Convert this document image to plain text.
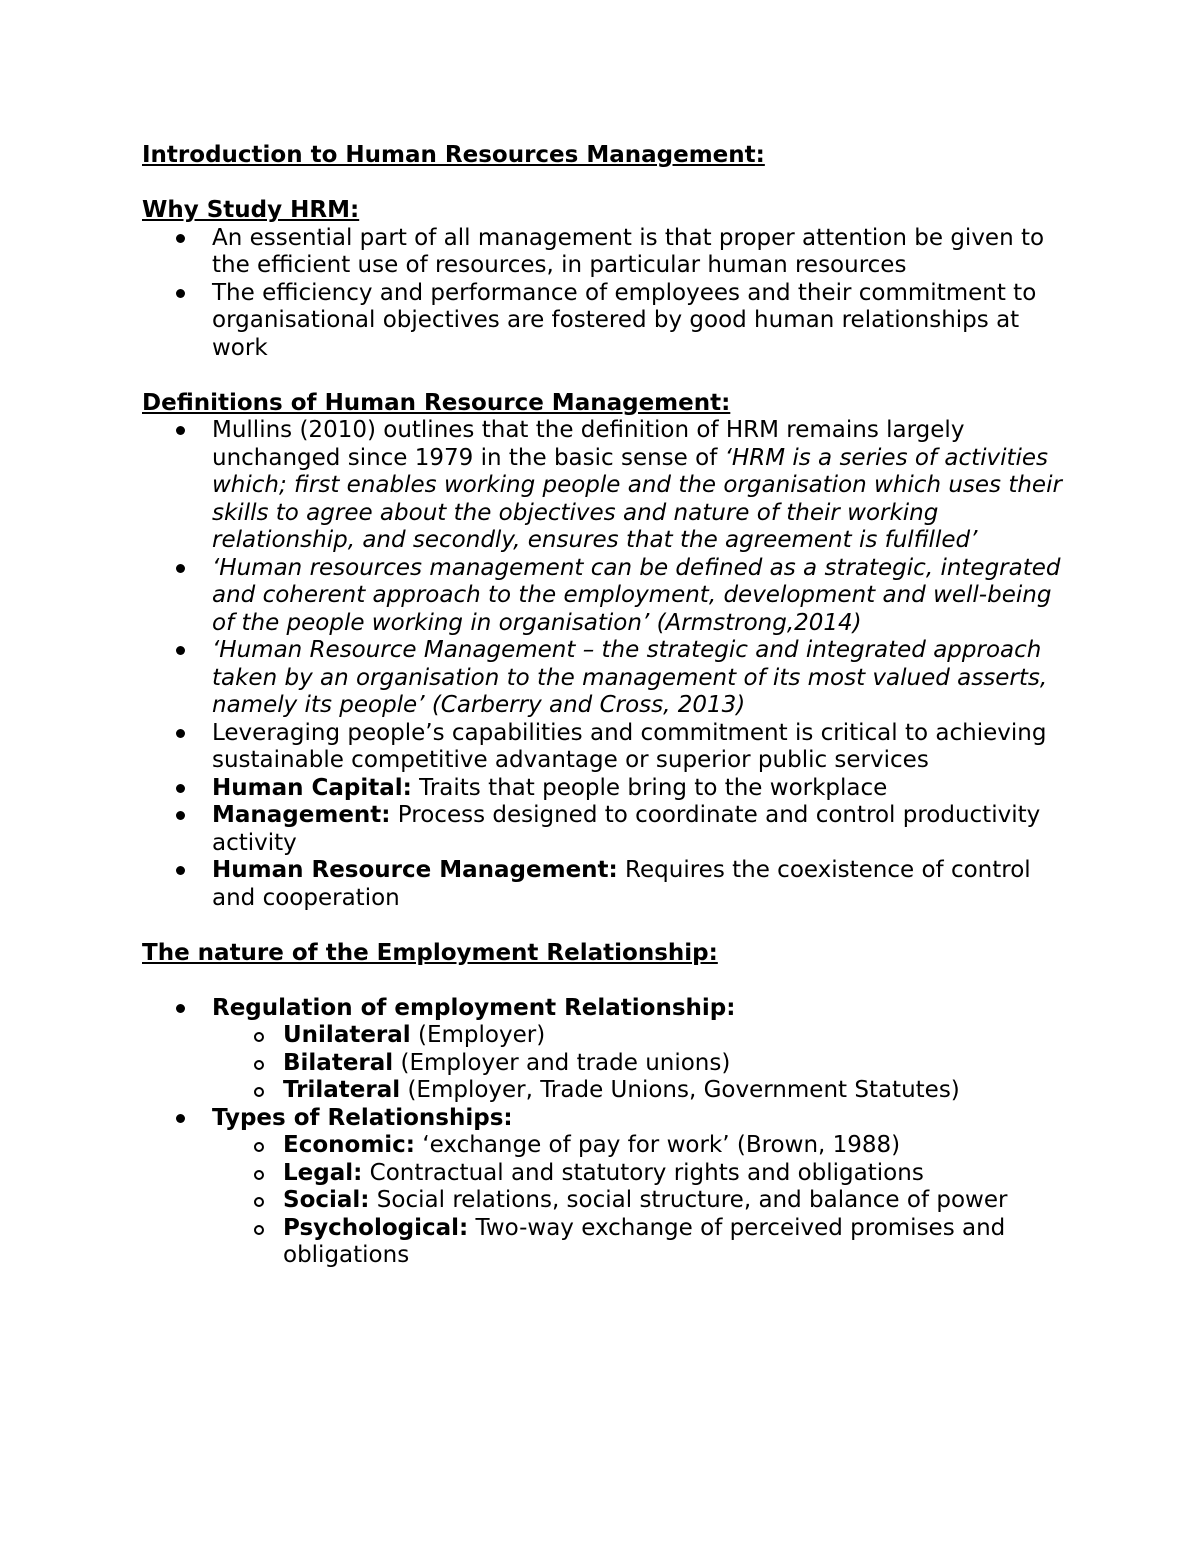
Introduction to Human Resources Management:
Why Study HRM:
An essential part of all management is that proper attention be given to the efficient use of resources, in particular human resources
The efficiency and performance of employees and their commitment to organisational objectives are fostered by good human relationships at work
Definitions of Human Resource Management:
Mullins (2010) outlines that the definition of HRM remains largely unchanged since 1979 in the basic sense of ‘HRM is a series of activities which; first enables working people and the organisation which uses their skills to agree about the objectives and nature of their working relationship, and secondly, ensures that the agreement is fulfilled’
‘Human resources management can be defined as a strategic, integrated and coherent approach to the employment, development and well-being of the people working in organisation’ (Armstrong,2014)
‘Human Resource Management – the strategic and integrated approach taken by an organisation to the management of its most valued asserts, namely its people’ (Carberry and Cross, 2013)
Leveraging people’s capabilities and commitment is critical to achieving sustainable competitive advantage or superior public services
Human Capital: Traits that people bring to the workplace
Management: Process designed to coordinate and control productivity activity
Human Resource Management: Requires the coexistence of control and cooperation
The nature of the Employment Relationship:
Regulation of employment Relationship:
Unilateral (Employer)
Bilateral (Employer and trade unions)
Trilateral (Employer, Trade Unions, Government Statutes)
Types of Relationships:
Economic: ‘exchange of pay for work’ (Brown, 1988)
Legal: Contractual and statutory rights and obligations
Social: Social relations, social structure, and balance of power
Psychological: Two-way exchange of perceived promises and obligations
